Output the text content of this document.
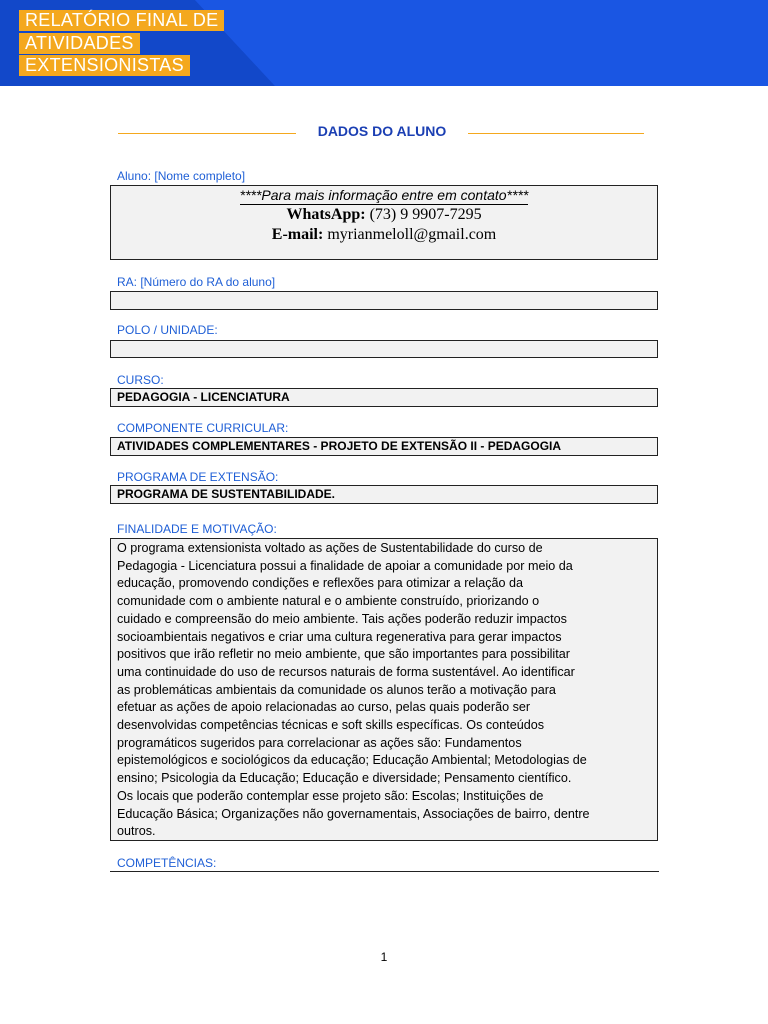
RELATÓRIO FINAL DE
ATIVIDADES
EXTENSIONISTAS
DADOS DO ALUNO
Aluno: [Nome completo]
****Para mais informação entre em contato****
WhatsApp: (73) 9 9907-7295
E-mail: myrianmeloll@gmail.com
RA: [Número do RA do aluno]
POLO / UNIDADE:
CURSO:
PEDAGOGIA - LICENCIATURA
COMPONENTE CURRICULAR:
ATIVIDADES COMPLEMENTARES - PROJETO DE EXTENSÃO II - PEDAGOGIA
PROGRAMA DE EXTENSÃO:
PROGRAMA DE SUSTENTABILIDADE.
FINALIDADE E MOTIVAÇÃO:
O programa extensionista voltado as ações de Sustentabilidade do curso de
Pedagogia - Licenciatura possui a finalidade de apoiar a comunidade por meio da
educação, promovendo condições e reflexões para otimizar a relação da
comunidade com o ambiente natural e o ambiente construído, priorizando o
cuidado e compreensão do meio ambiente. Tais ações poderão reduzir impactos
socioambientais negativos e criar uma cultura regenerativa para gerar impactos
positivos que irão refletir no meio ambiente, que são importantes para possibilitar
uma continuidade do uso de recursos naturais de forma sustentável. Ao identificar
as problemáticas ambientais da comunidade os alunos terão a motivação para
efetuar as ações de apoio relacionadas ao curso, pelas quais poderão ser
desenvolvidas competências técnicas e soft skills específicas. Os conteúdos
programáticos sugeridos para correlacionar as ações são: Fundamentos
epistemológicos e sociológicos da educação; Educação Ambiental; Metodologias de
ensino; Psicologia da Educação; Educação e diversidade; Pensamento científico.
Os locais que poderão contemplar esse projeto são: Escolas; Instituições de
Educação Básica; Organizações não governamentais, Associações de bairro, dentre
outros.
COMPETÊNCIAS:
1
